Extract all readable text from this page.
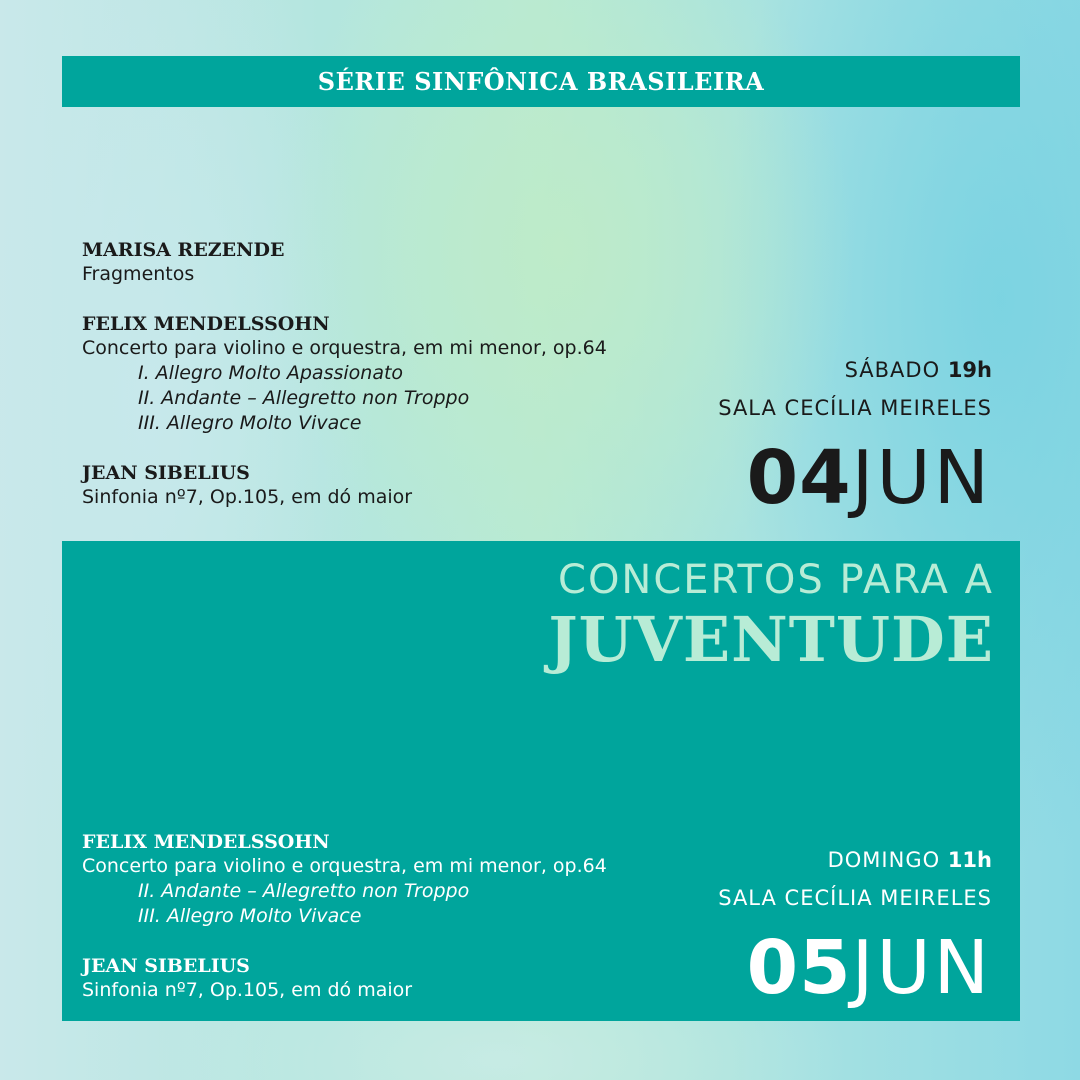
SÉRIE SINFÔNICA BRASILEIRA

MARISA REZENDE

Fragmentos

FELIX MENDELSSOHN

Concerto para violino e orquestra, em mi menor, op.64

I. Allegro Molto Apassionato

II. Andante – Allegretto non Troppo

III. Allegro Molto Vivace

JEAN SIBELIUS

Sinfonia nº7, Op.105, em dó maior

SÁBADO 19h
SALA CECÍLIA MEIRELES
04JUN
CONCERTOS PARA A
JUVENTUDE

FELIX MENDELSSOHN

Concerto para violino e orquestra, em mi menor, op.64

II. Andante – Allegretto non Troppo

III. Allegro Molto Vivace

JEAN SIBELIUS

Sinfonia nº7, Op.105, em dó maior

DOMINGO 11h
SALA CECÍLIA MEIRELES
05JUN
